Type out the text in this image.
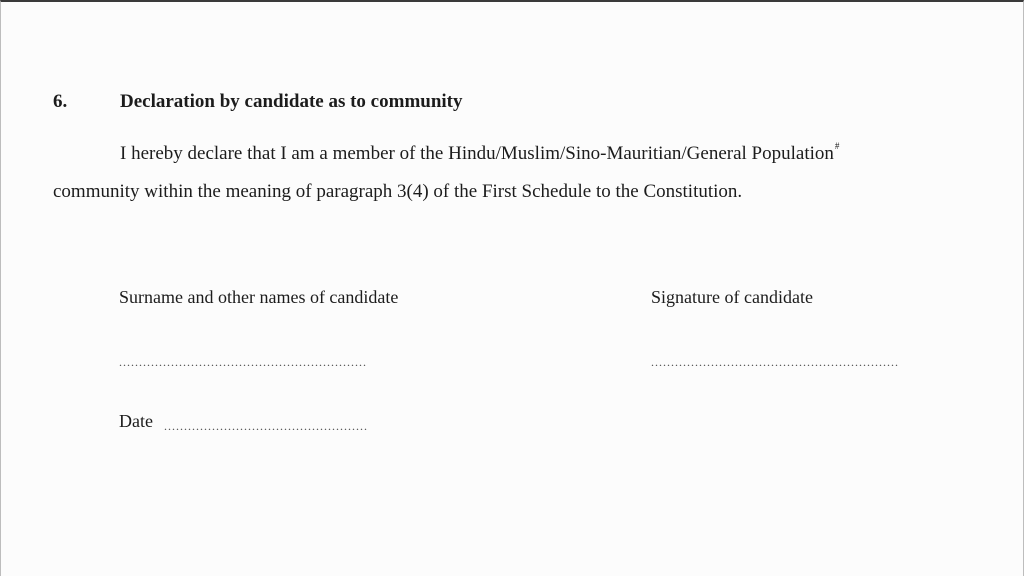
6.	Declaration by candidate as to community
I hereby declare that I am a member of the Hindu/Muslim/Sino-Mauritian/General Population#
community within the meaning of paragraph 3(4) of the First Schedule to the Constitution.
Surname and other names of candidate	Signature of candidate
..............................................................	..............................................................
Date ...................................................
